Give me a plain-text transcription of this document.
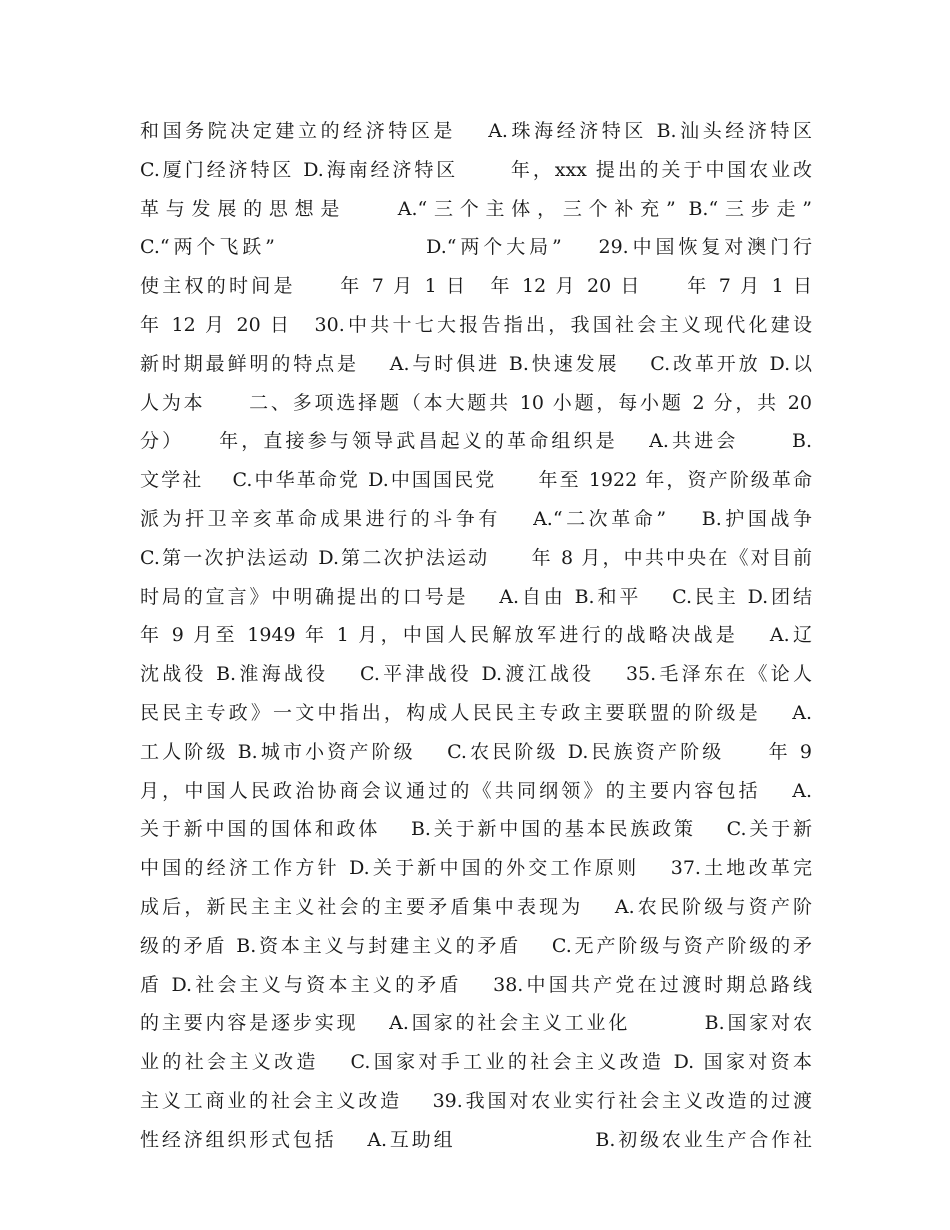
和国务院决定建立的经济特区是　 A.珠海经济特区 B.汕头经济特区
C.厦门经济特区 D.海南经济特区　　 年，xxx 提出的关于中国农业改
革与发展的思想是　　A.“三个主体，三个补充” B.“三步走”
C.“两个飞跃”　　　　　　 D.“两个大局”　 29.中国恢复对澳门行
使主权的时间是　　年 7 月 1 日　年 12 月 20 日　　年 7 月 1 日
年 12 月 20 日　30.中共十七大报告指出，我国社会主义现代化建设
新时期最鲜明的特点是　 A.与时俱进 B.快速发展　 C.改革开放 D.以
人为本　　二、多项选择题（本大题共 10 小题，每小题 2 分，共 20
分）　　年，直接参与领导武昌起义的革命组织是　 A.共进会　　 B.
文学社　 C.中华革命党 D.中国国民党　　年至 1922 年，资产阶级革命
派为扞卫辛亥革命成果进行的斗争有　 A.“二次革命”　 B.护国战争
C.第一次护法运动 D.第二次护法运动　　年 8 月，中共中央在《对目前
时局的宣言》中明确提出的口号是　 A.自由 B.和平　 C.民主 D.团结
年 9 月至 1949 年 1 月，中国人民解放军进行的战略决战是　 A.辽
沈战役 B.淮海战役　 C.平津战役 D.渡江战役　 35.毛泽东在《论人
民民主专政》一文中指出，构成人民民主专政主要联盟的阶级是　 A.
工人阶级 B.城市小资产阶级　 C.农民阶级 D.民族资产阶级　　年 9
月，中国人民政治协商会议通过的《共同纲领》的主要内容包括　 A.
关于新中国的国体和政体　 B.关于新中国的基本民族政策　 C.关于新
中国的经济工作方针 D.关于新中国的外交工作原则　 37.土地改革完
成后，新民主主义社会的主要矛盾集中表现为　 A.农民阶级与资产阶
级的矛盾 B.资本主义与封建主义的矛盾　 C.无产阶级与资产阶级的矛
盾 D.社会主义与资本主义的矛盾　 38.中国共产党在过渡时期总路线
的主要内容是逐步实现　 A.国家的社会主义工业化　　　 B.国家对农
业的社会主义改造　 C.国家对手工业的社会主义改造 D. 国家对资本
主义工商业的社会主义改造　 39.我国对农业实行社会主义改造的过渡
性经济组织形式包括　 A.互助组　　　　　　 B.初级农业生产合作社
